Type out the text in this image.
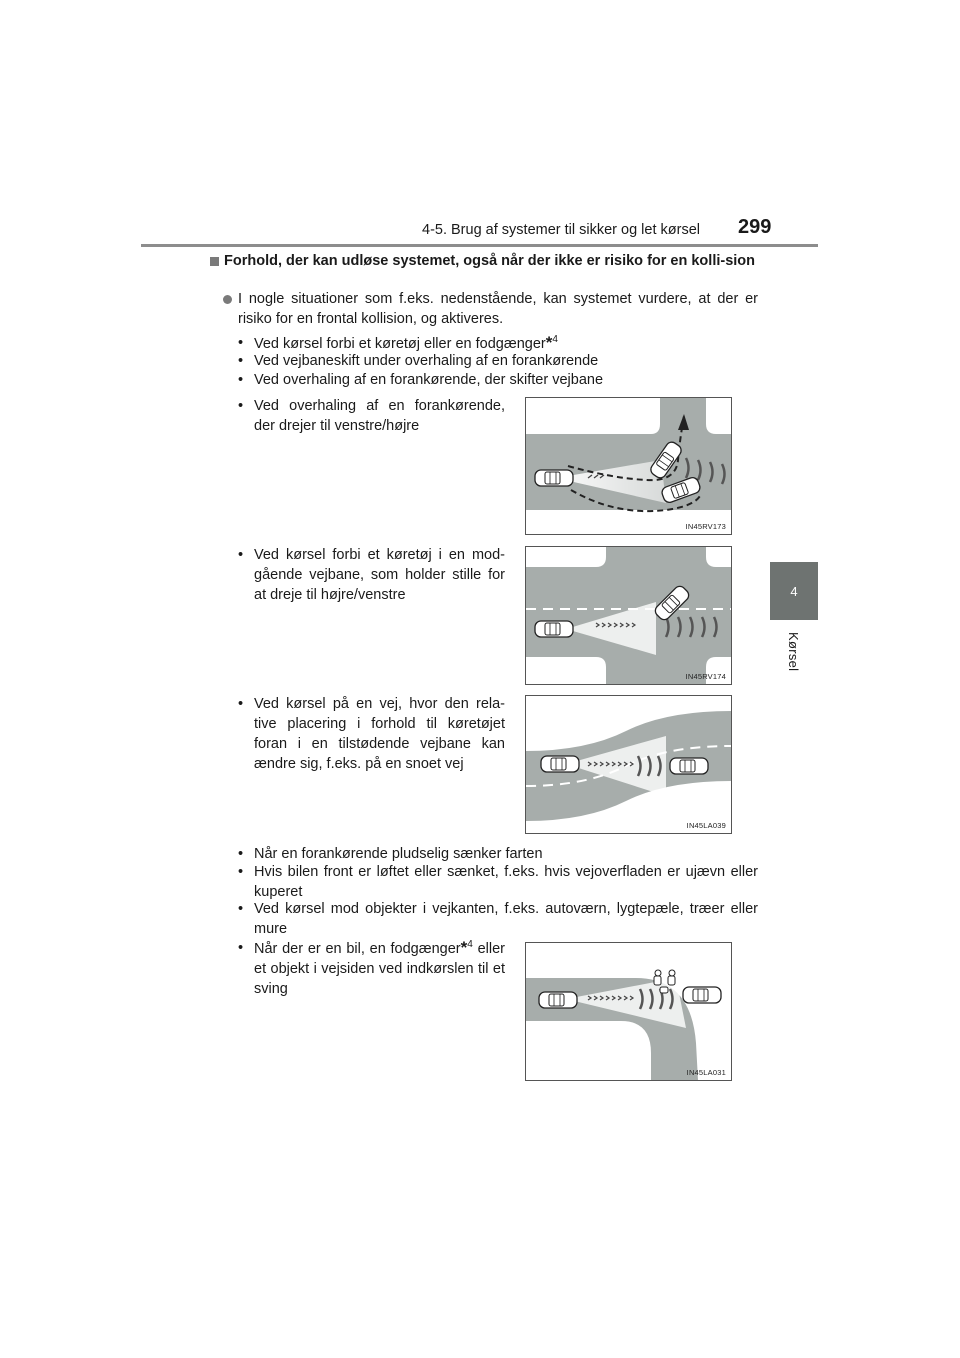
4-5. Brug af systemer til sikker og let kørsel 299
4
Kørsel
Forhold, der kan udløse systemet, også når der ikke er risiko for en kolli-sion
I nogle situationer som f.eks. nedenstående, kan systemet vurdere, at der er risiko for en frontal kollision, og aktiveres.
• Ved kørsel forbi et køretøj eller en fodgænger*$^4$
• Ved vejbaneskift under overhaling af en forankørende
• Ved overhaling af en forankørende, der skifter vejbane
• Ved overhaling af en forankørende, der drejer til venstre/højre
IN45RV173
• Ved kørsel forbi et køretøj i en mod-gående vejbane, som holder stille for at dreje til højre/venstre
IN45RV174
• Ved kørsel på en vej, hvor den rela-tive placering i forhold til køretøjet foran i en tilstødende vejbane kan ændre sig, f.eks. på en snoet vej
IN45LA039
• Når en forankørende pludselig sænker farten
• Hvis bilen front er løftet eller sænket, f.eks. hvis vejoverfladen er ujævn eller kuperet
• Ved kørsel mod objekter i vejkanten, f.eks. autoværn, lygtepæle, træer eller mure
• Når der er en bil, en fodgænger*$^4$ eller et objekt i vejsiden ved indkørslen til et sving
IN45LA031
